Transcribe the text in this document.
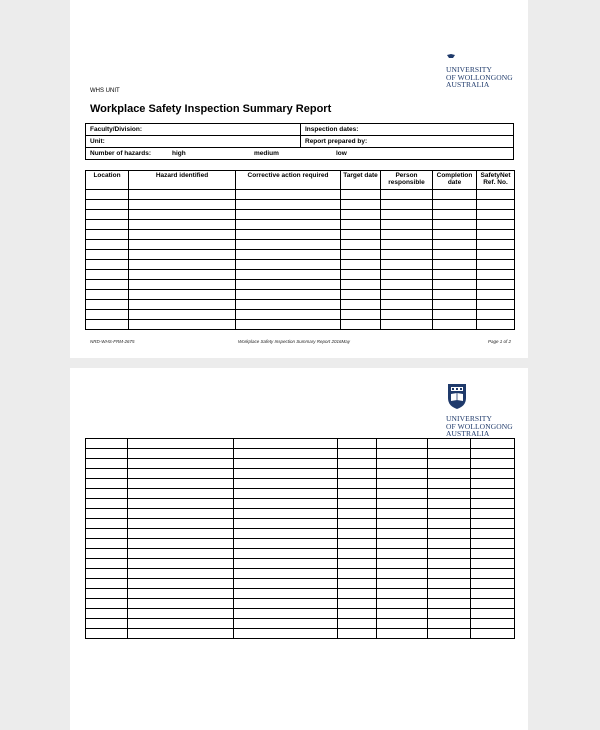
UNIVERSITY
OF WOLLONGONG
AUSTRALIA
WHS UNIT
Workplace Safety Inspection Summary Report
Faculty/Division:	Inspection dates:
Unit:	Report prepared by:
Number of hazards: high medium low	
Location	Hazard identified	Corrective action required	Target date	Person responsible	Completion date	SafetyNet Ref. No.

NRD-WHS-FRM-2675	Workplace Safety Inspection Summary Report 2016May	Page 1 of 2
UNIVERSITY
OF WOLLONGONG
AUSTRALIA
